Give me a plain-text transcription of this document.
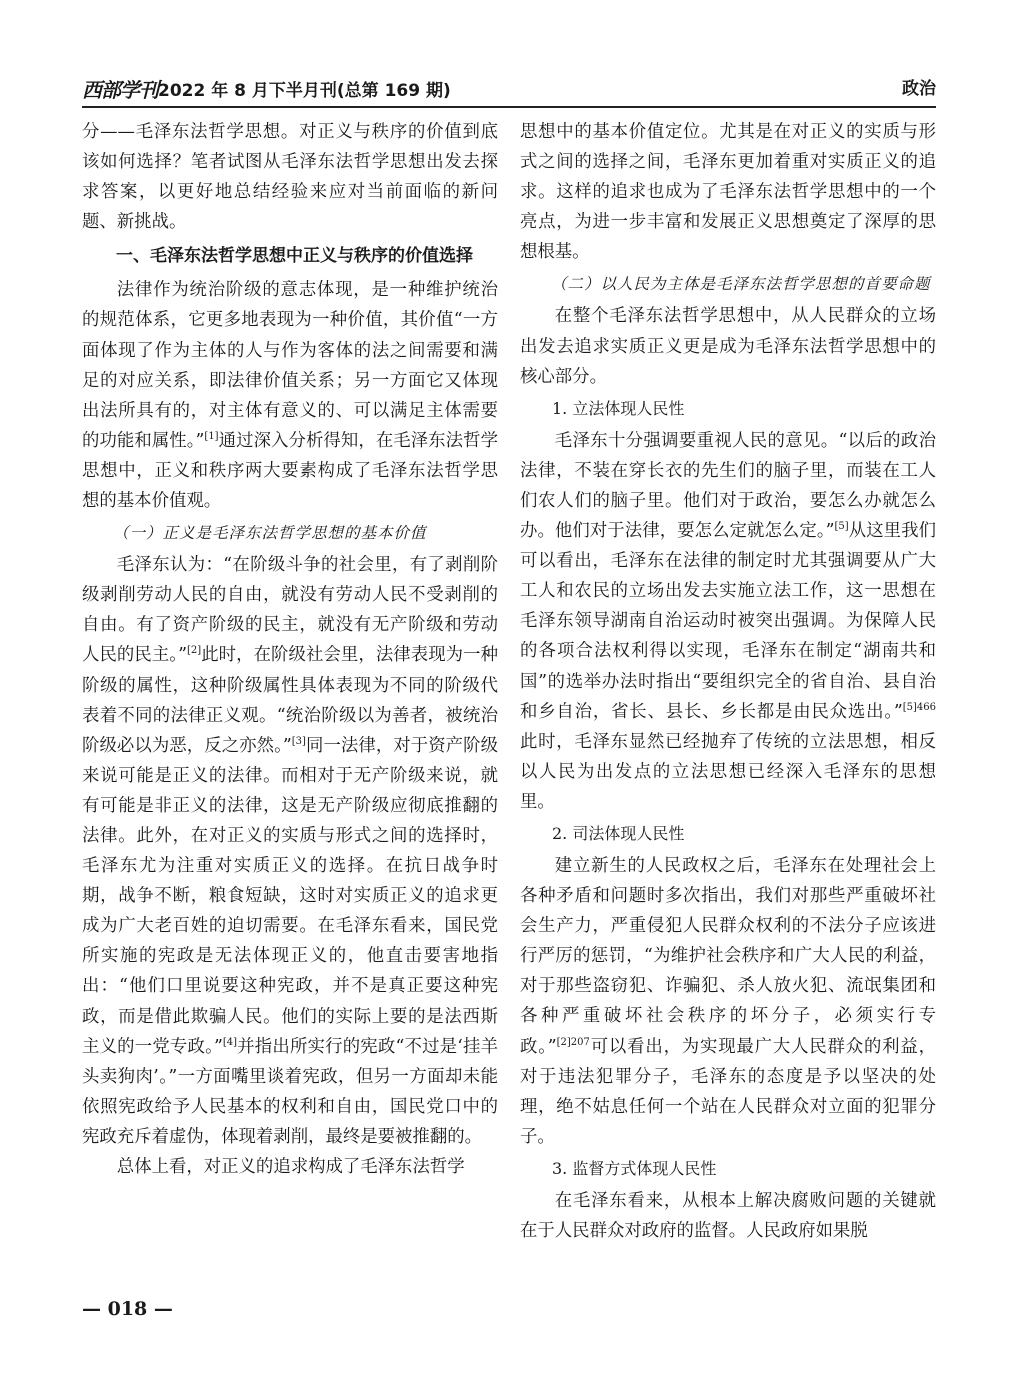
西部学刊 2022 年 8 月下半月刊(总第 169 期)	政治

分——毛泽东法哲学思想。对正义与秩序的价值到底该如何选择？笔者试图从毛泽东法哲学思想出发去探求答案，以更好地总结经验来应对当前面临的新问题、新挑战。

一、毛泽东法哲学思想中正义与秩序的价值选择

法律作为统治阶级的意志体现，是一种维护统治的规范体系，它更多地表现为一种价值，其价值“一方面体现了作为主体的人与作为客体的法之间需要和满足的对应关系，即法律价值关系；另一方面它又体现出法所具有的，对主体有意义的、可以满足主体需要的功能和属性。”[1]通过深入分析得知，在毛泽东法哲学思想中，正义和秩序两大要素构成了毛泽东法哲学思想的基本价值观。

（一）正义是毛泽东法哲学思想的基本价值

毛泽东认为：“在阶级斗争的社会里，有了剥削阶级剥削劳动人民的自由，就没有劳动人民不受剥削的自由。有了资产阶级的民主，就没有无产阶级和劳动人民的民主。”[2]此时，在阶级社会里，法律表现为一种阶级的属性，这种阶级属性具体表现为不同的阶级代表着不同的法律正义观。“统治阶级以为善者，被统治阶级必以为恶，反之亦然。”[3]同一法律，对于资产阶级来说可能是正义的法律。而相对于无产阶级来说，就有可能是非正义的法律，这是无产阶级应彻底推翻的法律。此外，在对正义的实质与形式之间的选择时，毛泽东尤为注重对实质正义的选择。在抗日战争时期，战争不断，粮食短缺，这时对实质正义的追求更成为广大老百姓的迫切需要。在毛泽东看来，国民党所实施的宪政是无法体现正义的，他直击要害地指出：“他们口里说要这种宪政，并不是真正要这种宪政，而是借此欺骗人民。他们的实际上要的是法西斯主义的一党专政。”[4]并指出所实行的宪政“不过是‘挂羊头卖狗肉’。”一方面嘴里谈着宪政，但另一方面却未能依照宪政给予人民基本的权利和自由，国民党口中的宪政充斥着虚伪，体现着剥削，最终是要被推翻的。

总体上看，对正义的追求构成了毛泽东法哲学

思想中的基本价值定位。尤其是在对正义的实质与形式之间的选择之间，毛泽东更加着重对实质正义的追求。这样的追求也成为了毛泽东法哲学思想中的一个亮点，为进一步丰富和发展正义思想奠定了深厚的思想根基。

（二）以人民为主体是毛泽东法哲学思想的首要命题

在整个毛泽东法哲学思想中，从人民群众的立场出发去追求实质正义更是成为毛泽东法哲学思想中的核心部分。

1. 立法体现人民性

毛泽东十分强调要重视人民的意见。“以后的政治法律，不装在穿长衣的先生们的脑子里，而装在工人们农人们的脑子里。他们对于政治，要怎么办就怎么办。他们对于法律，要怎么定就怎么定。”[5]从这里我们可以看出，毛泽东在法律的制定时尤其强调要从广大工人和农民的立场出发去实施立法工作，这一思想在毛泽东领导湖南自治运动时被突出强调。为保障人民的各项合法权利得以实现，毛泽东在制定“湖南共和国”的选举办法时指出“要组织完全的省自治、县自治和乡自治，省长、县长、乡长都是由民众选出。”$^{[5]466}$此时，毛泽东显然已经抛弃了传统的立法思想，相反以人民为出发点的立法思想已经深入毛泽东的思想里。

2. 司法体现人民性

建立新生的人民政权之后，毛泽东在处理社会上各种矛盾和问题时多次指出，我们对那些严重破坏社会生产力，严重侵犯人民群众权利的不法分子应该进行严厉的惩罚，“为维护社会秩序和广大人民的利益，对于那些盗窃犯、诈骗犯、杀人放火犯、流氓集团和各种严重破坏社会秩序的坏分子，必须实行专政。”$^{[2]207}$可以看出，为实现最广大人民群众的利益，对于违法犯罪分子，毛泽东的态度是予以坚决的处理，绝不姑息任何一个站在人民群众对立面的犯罪分子。

3. 监督方式体现人民性

在毛泽东看来，从根本上解决腐败问题的关键就在于人民群众对政府的监督。人民政府如果脱

— 018 —
